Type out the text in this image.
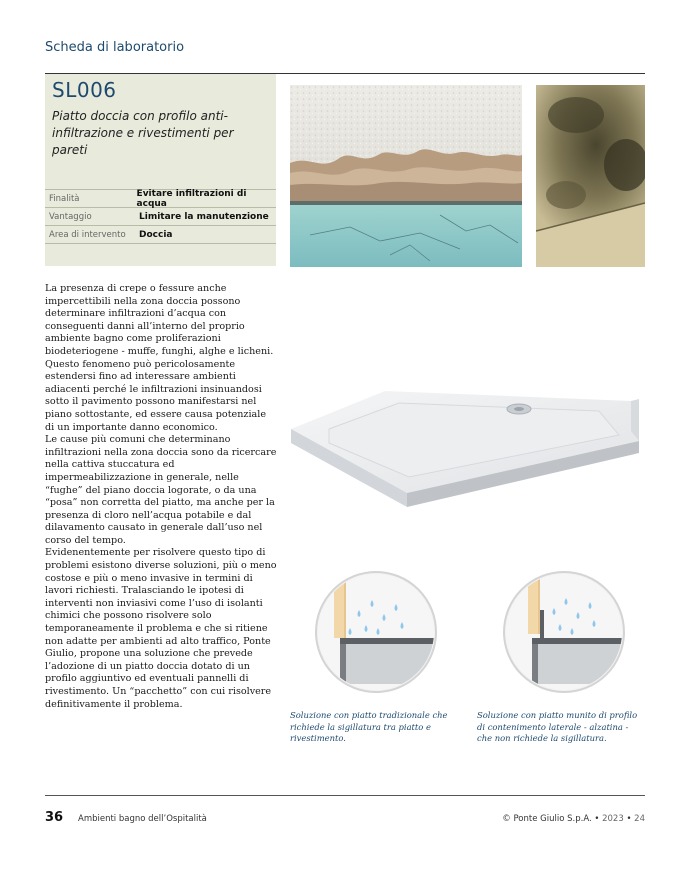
Scheda di laboratorio
SL006
Piatto doccia con profilo anti-infiltrazione e rivestimenti per pareti
Finalità	Evitare infiltrazioni di acqua
Vantaggio	Limitare la manutenzione
Area di intervento	Doccia

La presenza di crepe o fessure anche impercettibili nella zona doccia possono determinare infiltrazioni d’acqua con conseguenti danni all’interno del proprio ambiente bagno come proliferazioni biodeteriogene - muffe, funghi, alghe e licheni. Questo fenomeno può pericolosamente estendersi fino ad interessare ambienti adiacenti perché le infiltrazioni insinuandosi sotto il pavimento possono manifestarsi nel piano sottostante, ed essere causa potenziale di un importante danno economico.

Le cause più comuni che determinano infiltrazioni nella zona doccia sono da ricercare nella cattiva stuccatura ed impermeabilizzazione in generale, nelle “fughe” del piano doccia logorate, o da una “posa” non corretta del piatto, ma anche per la presenza di cloro nell’acqua potabile e dal dilavamento causato in generale dall’uso nel corso del tempo.

Evidenentemente per risolvere questo tipo di problemi esistono diverse soluzioni, più o meno costose e più o meno invasive in termini di lavori richiesti. Tralasciando le ipotesi di interventi non inviasivi come l’uso di isolanti chimici che possono risolvere solo temporaneamente il problema e che si ritiene non adatte per ambienti ad alto traffico, Ponte Giulio, propone una soluzione che prevede l’adozione di un piatto doccia dotato di un profilo aggiuntivo ed eventuali pannelli di rivestimento. Un “pacchetto” con cui risolvere definitivamente il problema.

Soluzione con piatto tradizionale che richiede la sigillatura tra piatto e rivestimento.
Soluzione con piatto munito di profilo di contenimento laterale - alzatina - che non richiede la sigillatura.
36 Ambienti bagno dell’Ospitalità	© Ponte Giulio S.p.A. • 2023 • 24
